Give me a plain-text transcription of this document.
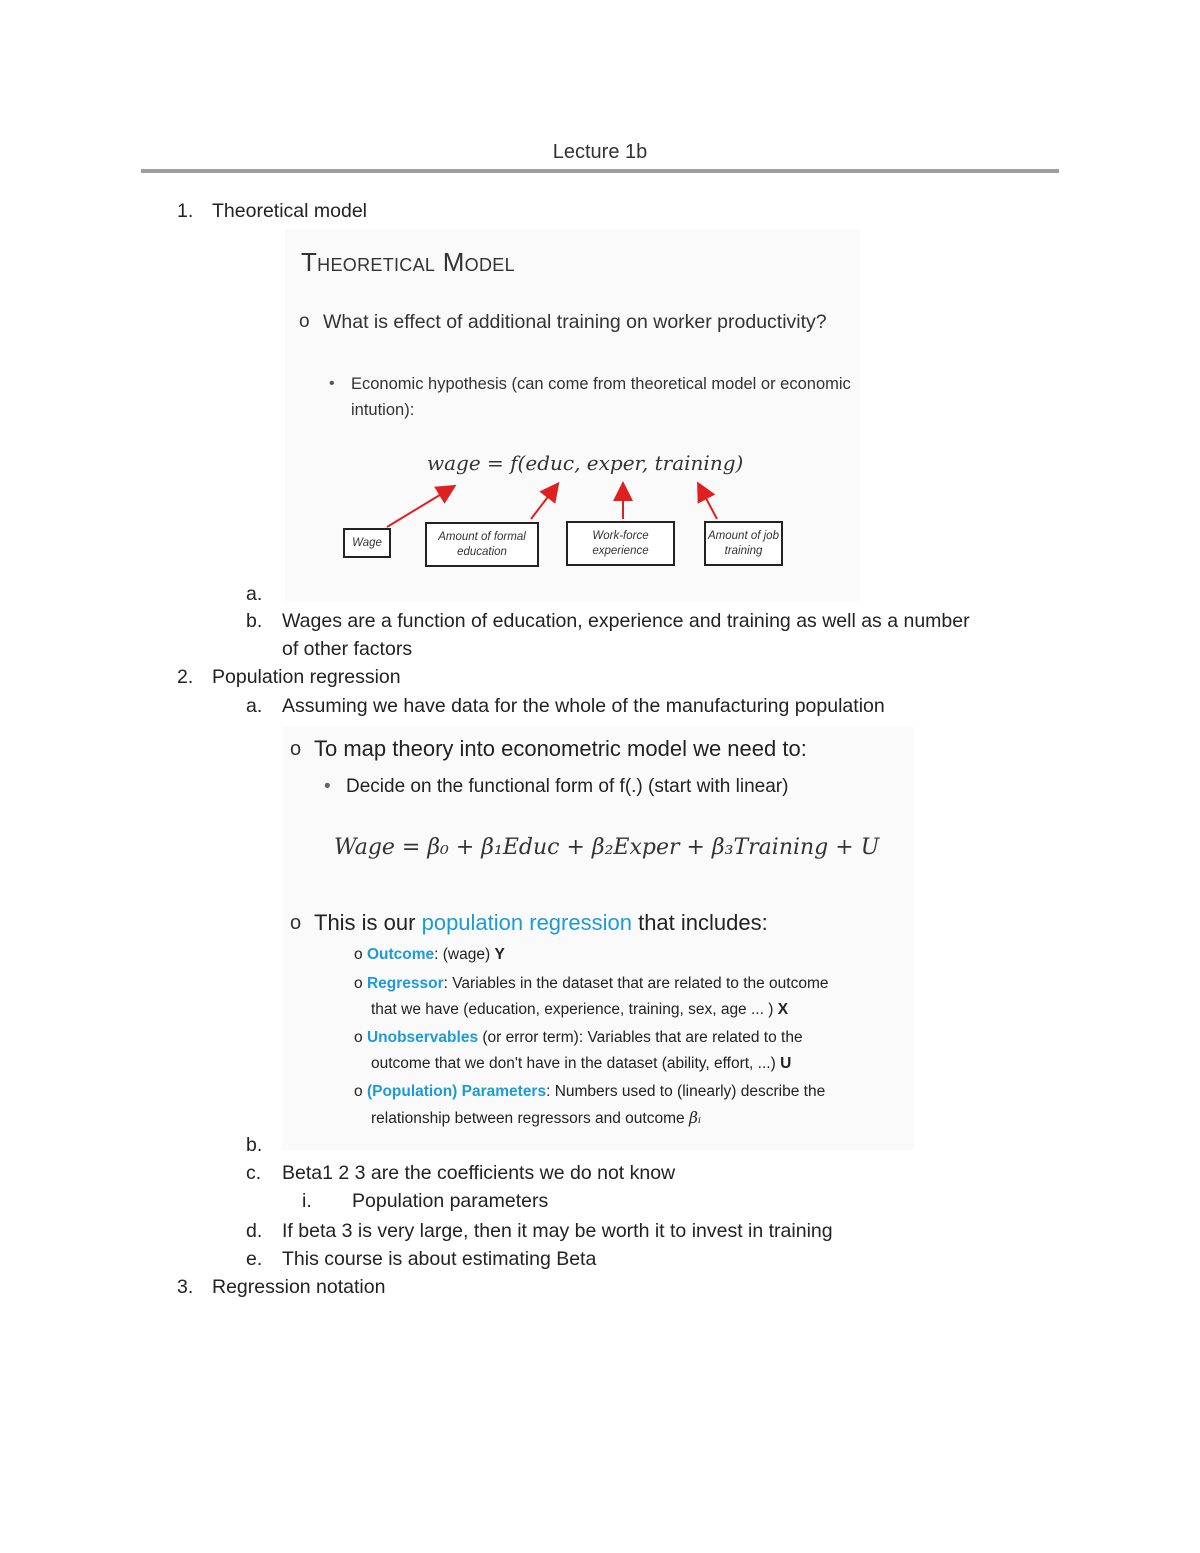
Lecture 1b
1. Theoretical model
Theoretical Model
o What is effect of additional training on worker productivity?
• Economic hypothesis (can come from theoretical model or economic intution):
wage = f(educ, exper, training)
Wage	Amount of formal education
Work-force experience
Amount of job training
a.
b. Wages are a function of education, experience and training as well as a number
of other factors
2. Population regression
a. Assuming we have data for the whole of the manufacturing population
o To map theory into econometric model we need to:
• Decide on the functional form of f(.) (start with linear)
Wage = β₀ + β₁Educ + β₂Exper + β₃Training + U
o This is our population regression that includes:
o Outcome: (wage) Y
o Regressor: Variables in the dataset that are related to the outcome
that we have (education, experience, training, sex, age ... ) X
o Unobservables (or error term): Variables that are related to the
outcome that we don't have in the dataset (ability, effort, ...) U
o (Population) Parameters: Numbers used to (linearly) describe the
relationship between regressors and outcome βᵢ
b.
c. Beta1 2 3 are the coefficients we do not know
i. Population parameters
d. If beta 3 is very large, then it may be worth it to invest in training
e. This course is about estimating Beta
3. Regression notation
